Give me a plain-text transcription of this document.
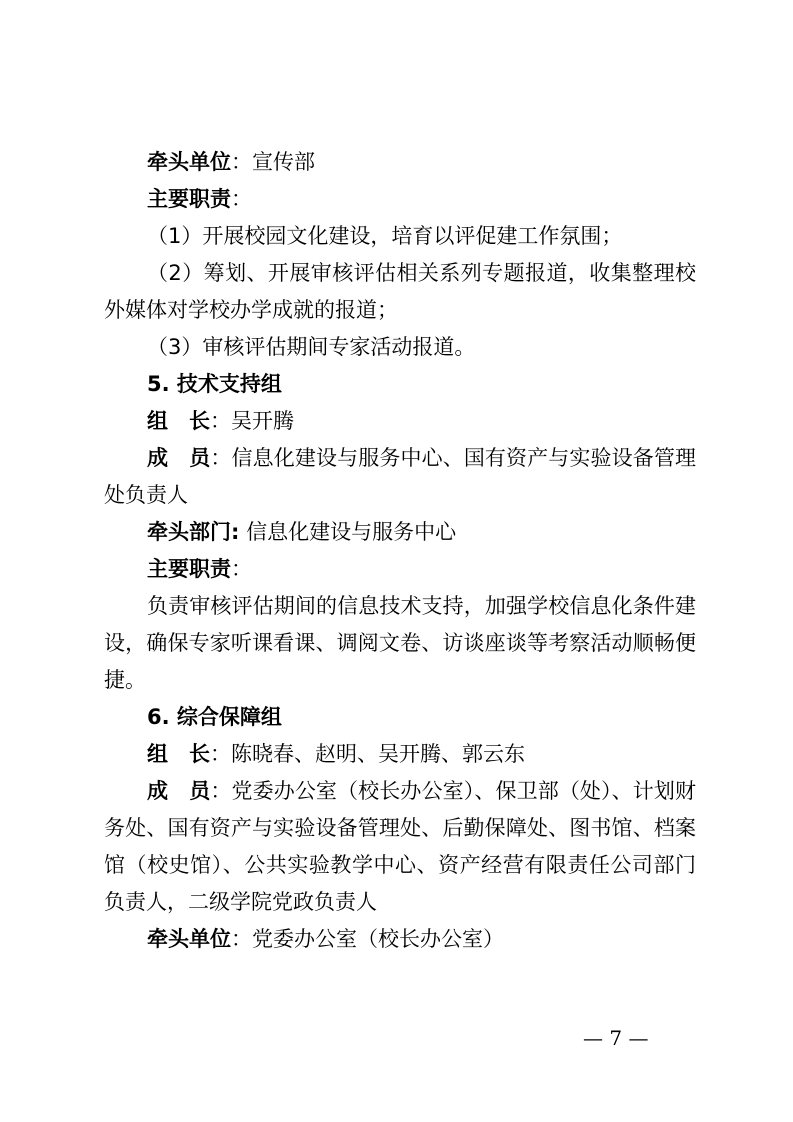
牵头单位：宣传部
主要职责：
（1）开展校园文化建设，培育以评促建工作氛围；
（2）筹划、开展审核评估相关系列专题报道，收集整理校外媒体对学校办学成就的报道；
（3）审核评估期间专家活动报道。
5. 技术支持组
组　长：吴开腾
成　员：信息化建设与服务中心、国有资产与实验设备管理处负责人
牵头部门: 信息化建设与服务中心
主要职责：
负责审核评估期间的信息技术支持，加强学校信息化条件建设，确保专家听课看课、调阅文卷、访谈座谈等考察活动顺畅便捷。
6. 综合保障组
组　长：陈晓春、赵明、吴开腾、郭云东
成　员：党委办公室（校长办公室）、保卫部（处）、计划财务处、国有资产与实验设备管理处、后勤保障处、图书馆、档案馆（校史馆）、公共实验教学中心、资产经营有限责任公司部门负责人，二级学院党政负责人
牵头单位：党委办公室（校长办公室）
— 7 —
